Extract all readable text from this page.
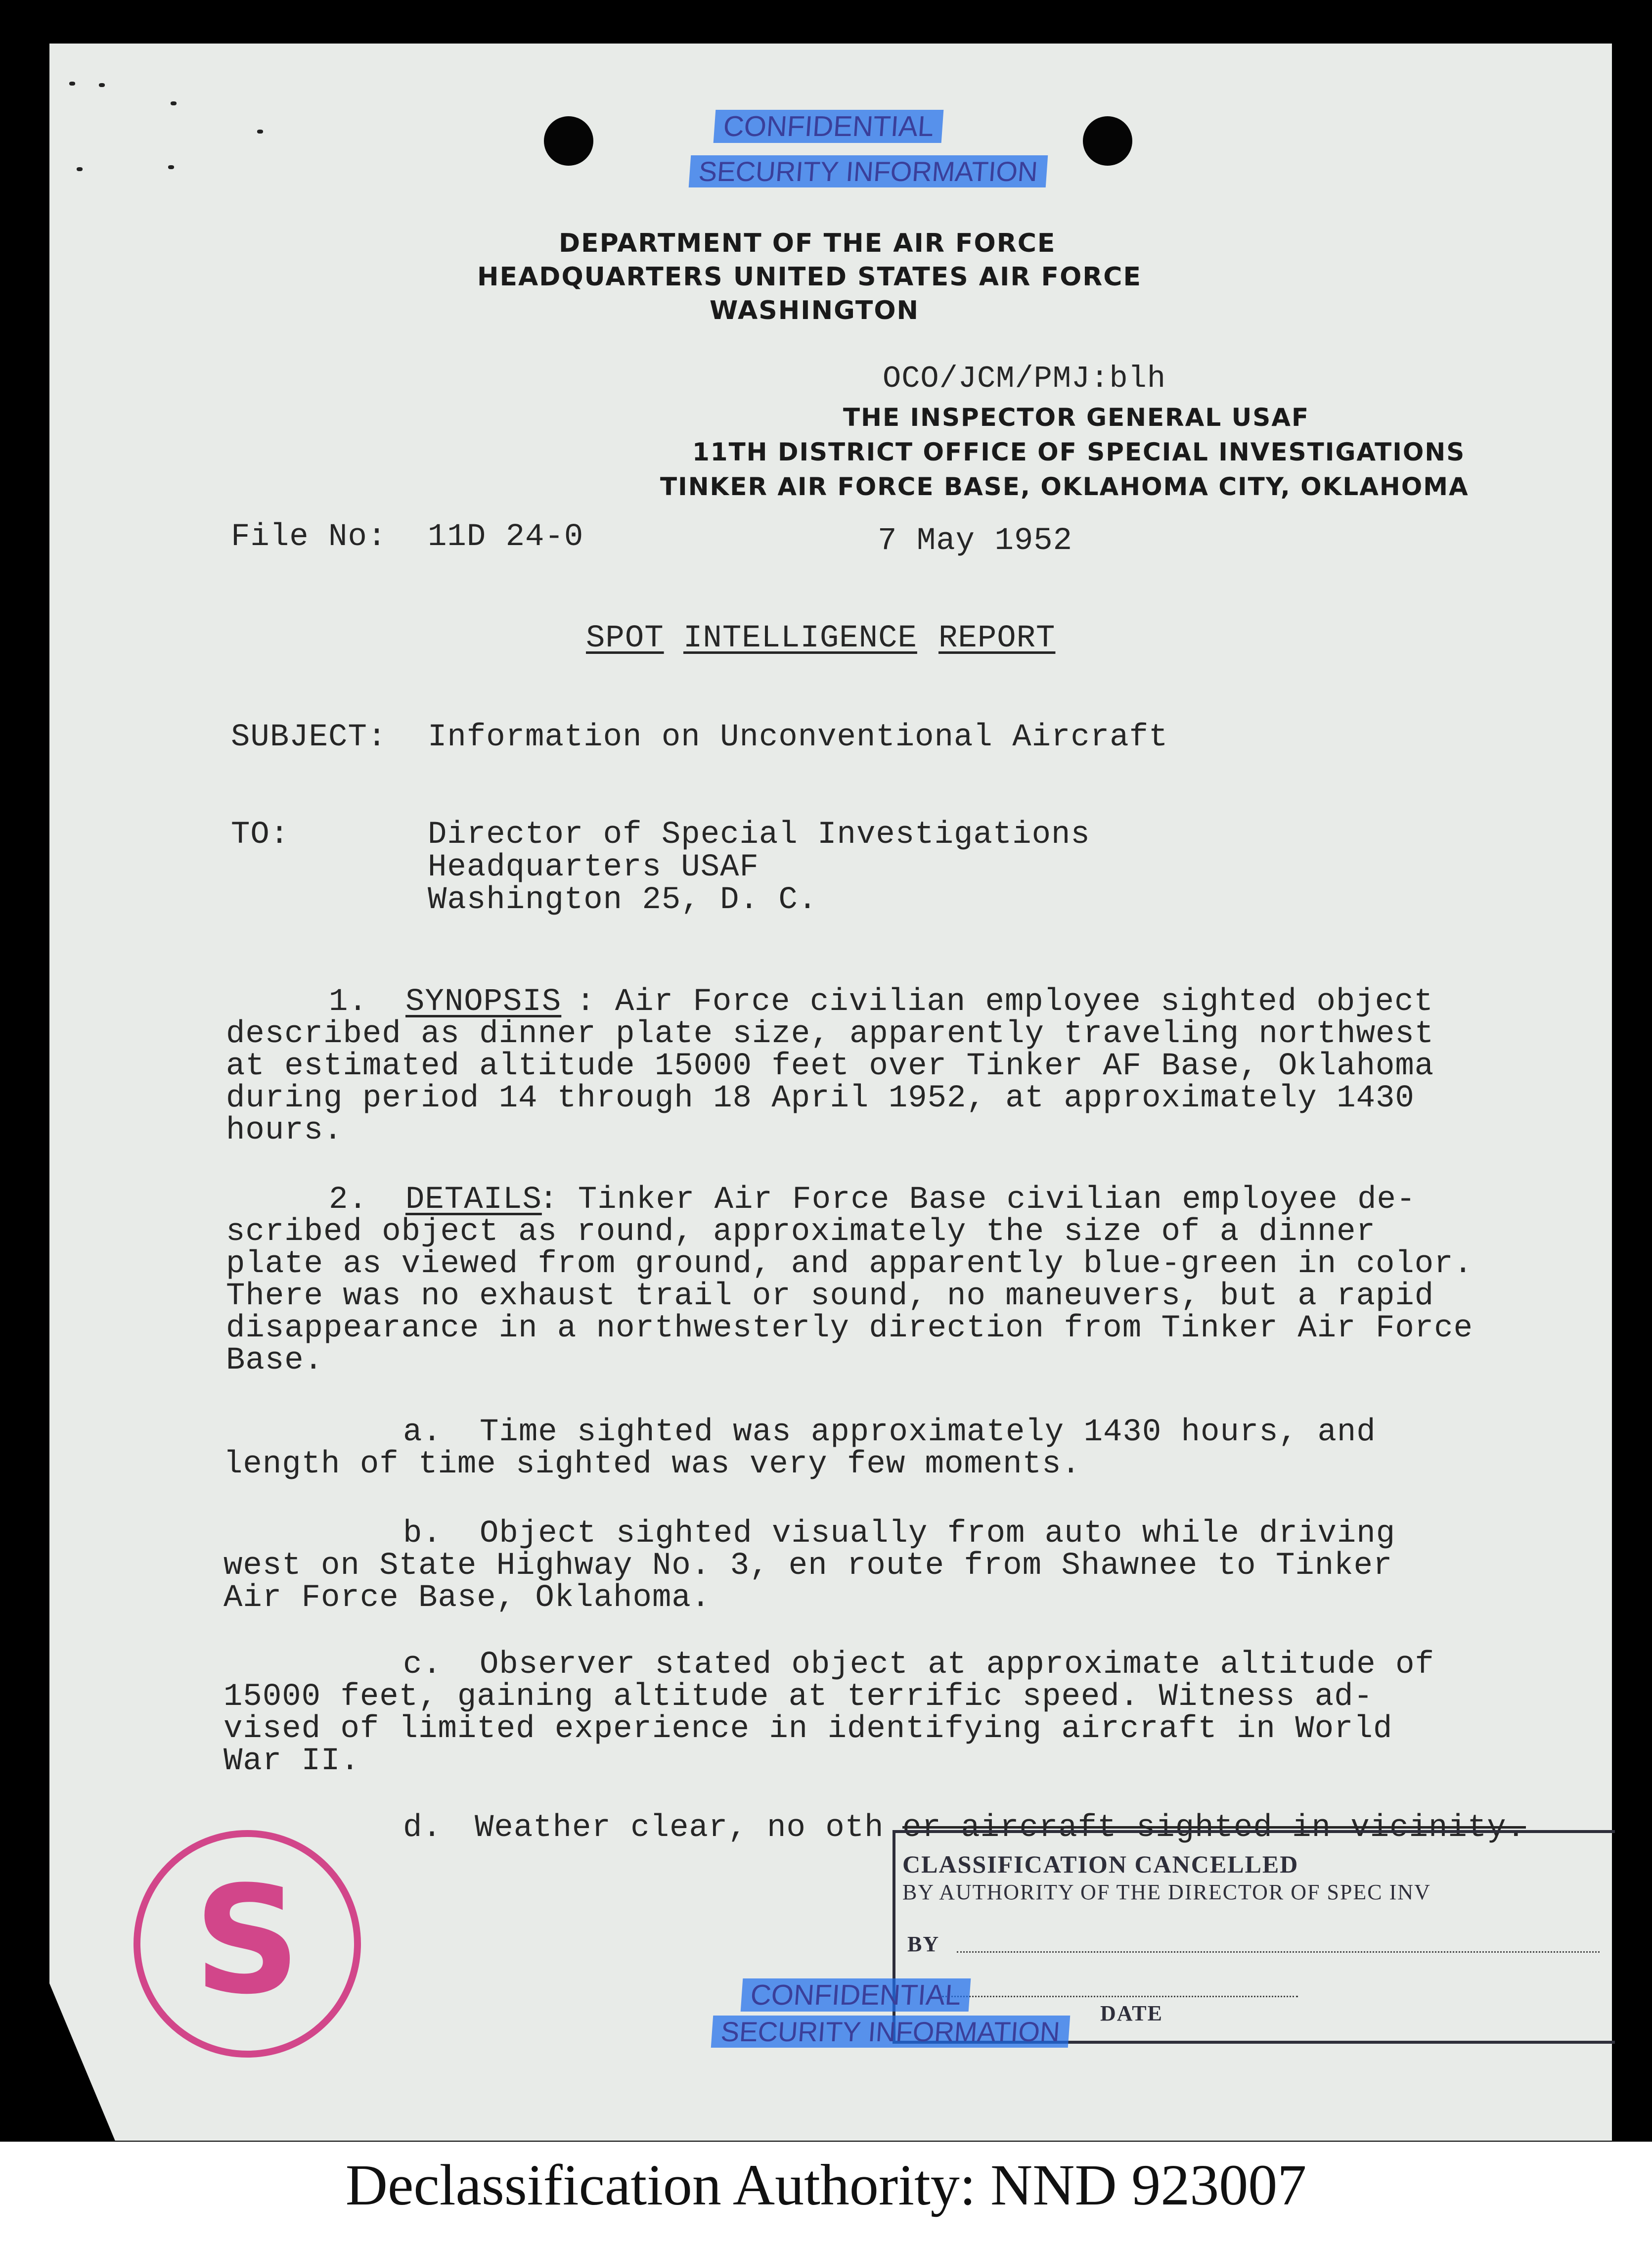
CONFIDENTIAL
SECURITY INFORMATION
DEPARTMENT OF THE AIR FORCE
HEADQUARTERS UNITED STATES AIR FORCE
WASHINGTON
OCO/JCM/PMJ:blh
THE INSPECTOR GENERAL USAF
11TH DISTRICT OFFICE OF SPECIAL INVESTIGATIONS
TINKER AIR FORCE BASE, OKLAHOMA CITY, OKLAHOMA
File No: 11D 24-0	7 May 1952
SPOT INTELLIGENCE REPORT
SUBJECT: Information on Unconventional Aircraft
TO:	Director of Special Investigations
Headquarters USAF
Washington 25, D. C.
1. SYNOPSIS : Air Force civilian employee sighted object
described as dinner plate size, apparently traveling northwest
at estimated altitude 15000 feet over Tinker AF Base, Oklahoma
during period 14 through 18 April 1952, at approximately 1430
hours.
2. DETAILS
: Tinker Air Force Base civilian employee de-
scribed object as round, approximately the size of a dinner
plate as viewed from ground, and apparently blue-green in color.
There was no exhaust trail or sound, no maneuvers, but a rapid
disappearance in a northwesterly direction from Tinker Air Force
Base.
a. Time sighted was approximately 1430 hours, and
length of time sighted was very few moments.
b. Object sighted visually from auto while driving
west on State Highway No. 3, en route from Shawnee to Tinker
Air Force Base, Oklahoma.
c. Observer stated object at approximate altitude of
15000 feet, gaining altitude at terrific speed. Witness ad-
vised of limited experience in identifying aircraft in World
War II.
d. Weather clear, no oth er aircraft sighted in vicinity.
CLASSIFICATION CANCELLED
BY AUTHORITY OF THE DIRECTOR OF SPEC INV
BY
DATE
CONFIDENTIAL
SECURITY INFORMATION
S
Declassification Authority: NND 923007
